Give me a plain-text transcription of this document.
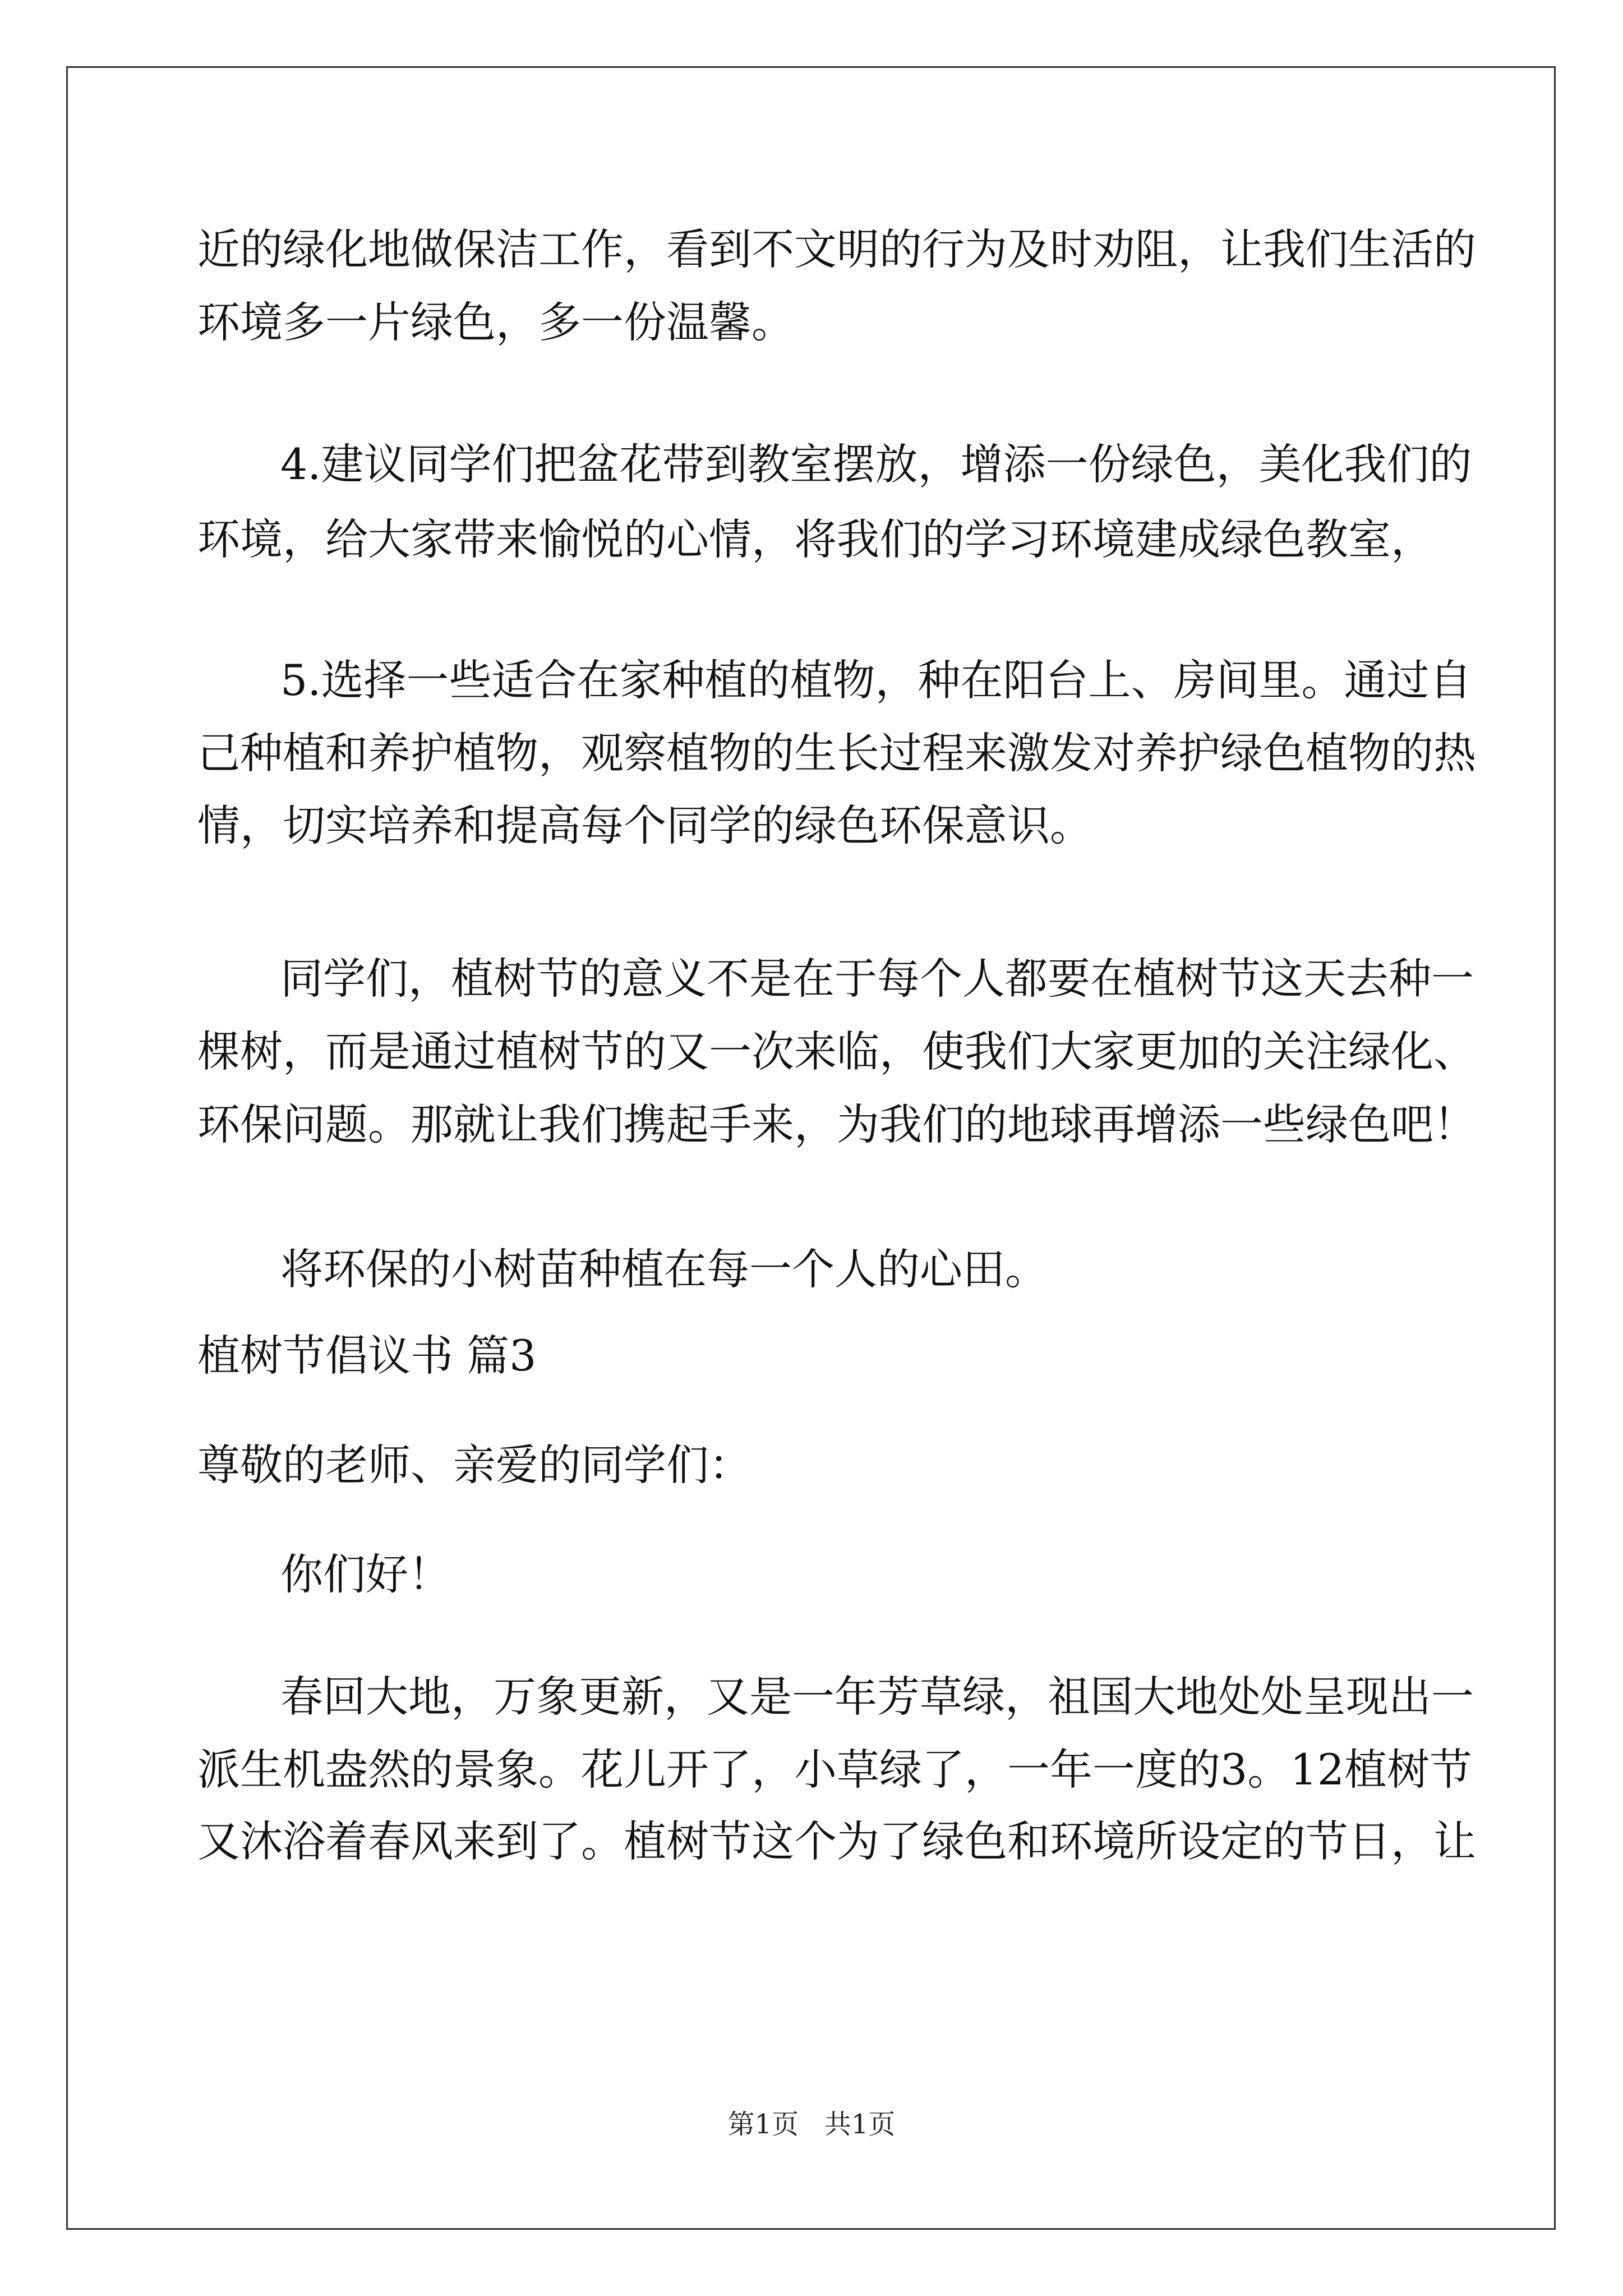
近的绿化地做保洁工作，看到不文明的行为及时劝阻，让我们生活的
环境多一片绿色，多一份温馨。
4.建议同学们把盆花带到教室摆放，增添一份绿色，美化我们的
环境，给大家带来愉悦的心情，将我们的学习环境建成绿色教室，
5.选择一些适合在家种植的植物，种在阳台上、房间里。通过自
己种植和养护植物，观察植物的生长过程来激发对养护绿色植物的热
情，切实培养和提高每个同学的绿色环保意识。
同学们，植树节的意义不是在于每个人都要在植树节这天去种一
棵树，而是通过植树节的又一次来临，使我们大家更加的关注绿化、
环保问题。那就让我们携起手来，为我们的地球再增添一些绿色吧！
将环保的小树苗种植在每一个人的心田。
植树节倡议书 篇3
尊敬的老师、亲爱的同学们：
你们好！
春回大地，万象更新，又是一年芳草绿，祖国大地处处呈现出一
派生机盎然的景象。花儿开了，小草绿了，一年一度的3。12植树节
又沐浴着春风来到了。植树节这个为了绿色和环境所设定的节日，让
第1页   共1页
